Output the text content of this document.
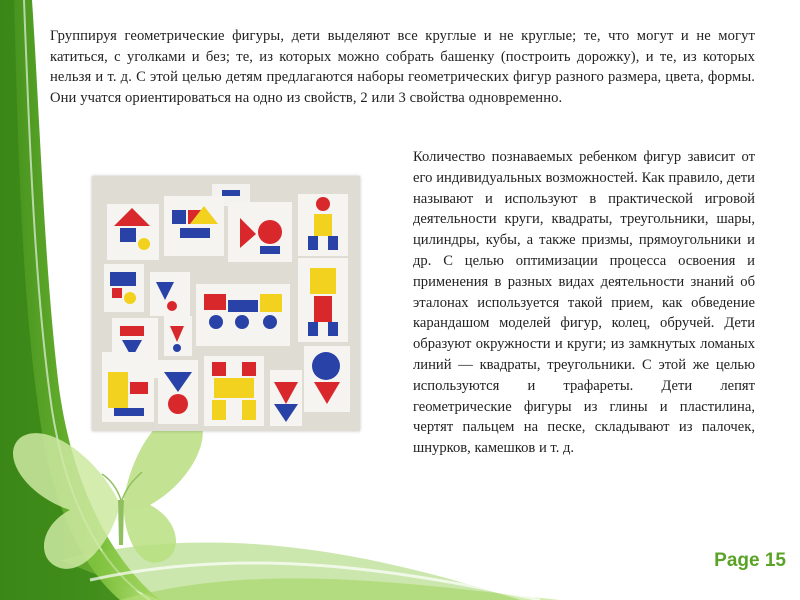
Группируя геометрические фигуры, дети выделяют все круглые и не круглые; те, что могут и не могут катиться, с уголками и без; те, из которых можно собрать башенку (построить дорожку), и те, из которых нельзя и т. д. С этой целью детям предлагаются наборы геометрических фигур разного размера, цвета, формы. Они учатся ориентироваться на одно из свойств, 2 или 3 свойства одновременно.
Количество познаваемых ребенком фигур зависит от его индивидуальных возможностей. Как правило, дети называют и используют в практической игровой деятельности круги, квадраты, треугольники, шары, цилиндры, кубы, а также призмы, прямоугольники и др. С целью оптимизации процесса освоения и применения в разных видах деятельности знаний об эталонах используется такой прием, как обведение карандашом моделей фигур, колец, обручей. Дети образуют окружности и круги; из замкнутых ломаных линий — квадраты, треугольники. С этой же целью используются и трафареты. Дети лепят геометрические фигуры из глины и пластилина, чертят пальцем на песке, складывают из палочек, шнурков, камешков и т. д.
Page 15
